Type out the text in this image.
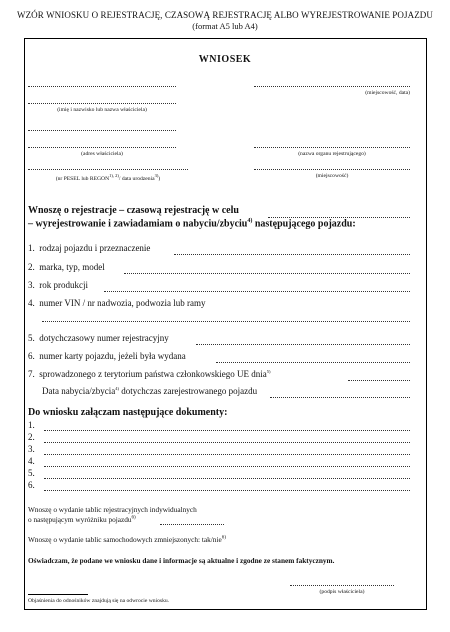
WZÓR WNIOSKU O REJESTRACJĘ, CZASOWĄ REJESTRACJĘ ALBO WYREJESTROWANIE POJAZDU
(format A5 lub A4)
WNIOSEK
(imię i nazwisko lub nazwa właściciela)
(adres właściciela)
(nr PESEL lub $REGON^{1), 2)}/$ data urodzenia$^{3)}$)
(miejscowość, data)
(nazwa organu rejestrującego)
(miejscowość)
Wnoszę o rejestracje – czasową rejestrację w celu
– wyrejestrowanie i zawiadamiam o nabyciu/zbyciu$^{4)}$ następującego pojazdu:
1. rodzaj pojazdu i przeznaczenie
2. marka, typ, model
3. rok produkcji
4. numer VIN / nr nadwozia, podwozia lub ramy
5. dotychczasowy numer rejestracyjny
6. numer karty pojazdu, jeżeli była wydana
7. sprowadzonego z terytorium państwa członkowskiego UE dnia$^{5)}$
Data nabycia/zbycia$^{4)}$ dotychczas zarejestrowanego pojazdu
Do wniosku załączam następujące dokumenty:
1.
2.
3.
4.
5.
6.
Wnoszę o wydanie tablic rejestracyjnych indywidualnych
o następującym wyróżniku pojazdu$^{6)}$
Wnoszę o wydanie tablic samochodowych zmniejszonych: tak/nie$^{6)}$
Oświadczam, że podane we wniosku dane i informacje są aktualne i zgodne ze stanem faktycznym.
(podpis właściciela)
Objaśnienia do odnośników znajdują się na odwrocie wniosku.
